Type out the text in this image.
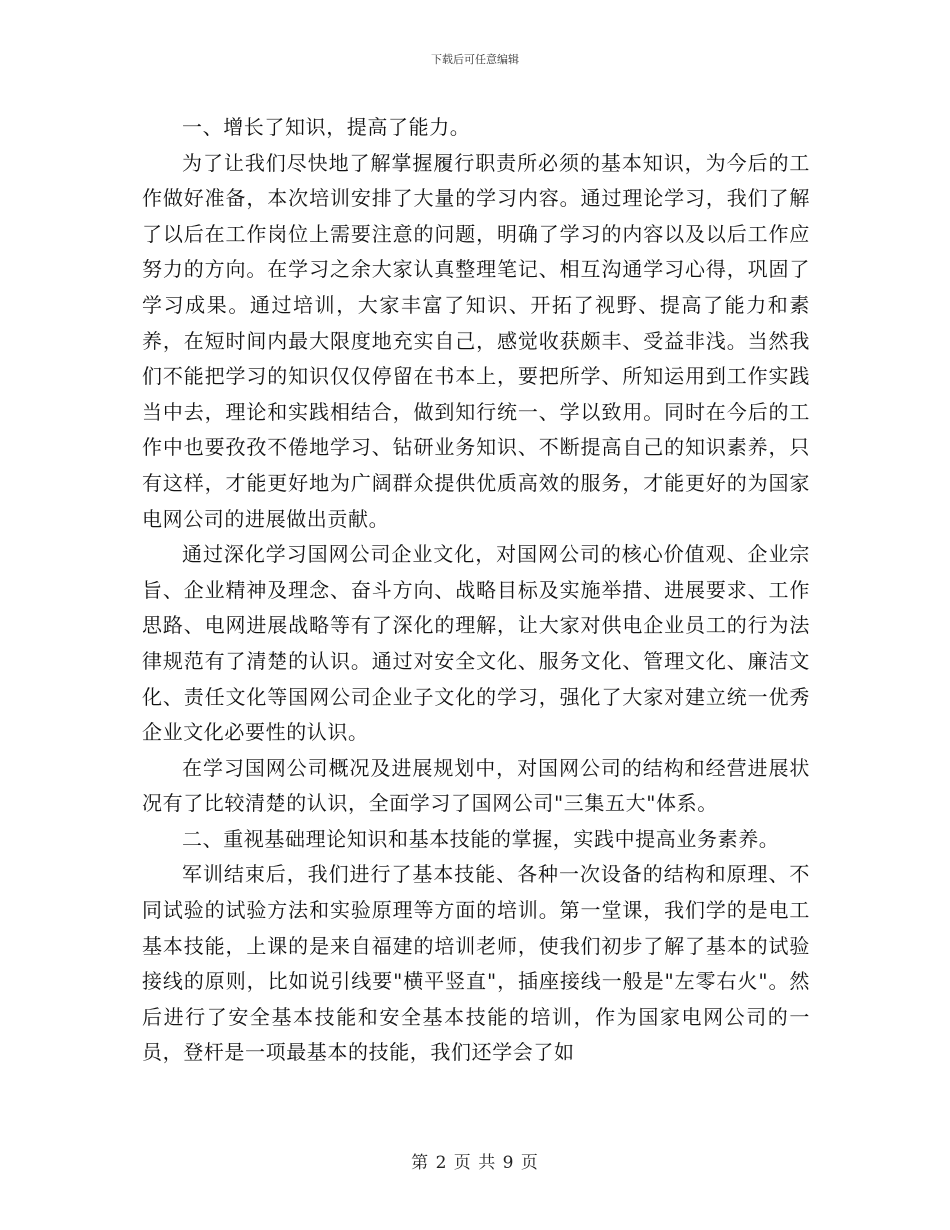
下载后可任意编辑

一、增长了知识，提高了能力。

为了让我们尽快地了解掌握履行职责所必须的基本知识，为今后的工作做好准备，本次培训安排了大量的学习内容。通过理论学习，我们了解了以后在工作岗位上需要注意的问题，明确了学习的内容以及以后工作应努力的方向。在学习之余大家认真整理笔记、相互沟通学习心得，巩固了学习成果。通过培训，大家丰富了知识、开拓了视野、提高了能力和素养，在短时间内最大限度地充实自己，感觉收获颇丰、受益非浅。当然我们不能把学习的知识仅仅停留在书本上，要把所学、所知运用到工作实践当中去，理论和实践相结合，做到知行统一、学以致用。同时在今后的工作中也要孜孜不倦地学习、钻研业务知识、不断提高自己的知识素养，只有这样，才能更好地为广阔群众提供优质高效的服务，才能更好的为国家电网公司的进展做出贡献。

通过深化学习国网公司企业文化，对国网公司的核心价值观、企业宗旨、企业精神及理念、奋斗方向、战略目标及实施举措、进展要求、工作思路、电网进展战略等有了深化的理解，让大家对供电企业员工的行为法律规范有了清楚的认识。通过对安全文化、服务文化、管理文化、廉洁文化、责任文化等国网公司企业子文化的学习，强化了大家对建立统一优秀企业文化必要性的认识。

在学习国网公司概况及进展规划中，对国网公司的结构和经营进展状况有了比较清楚的认识，全面学习了国网公司"三集五大"体系。

二、重视基础理论知识和基本技能的掌握，实践中提高业务素养。

军训结束后，我们进行了基本技能、各种一次设备的结构和原理、不同试验的试验方法和实验原理等方面的培训。第一堂课，我们学的是电工基本技能，上课的是来自福建的培训老师，使我们初步了解了基本的试验接线的原则，比如说引线要"横平竖直"，插座接线一般是"左零右火"。然后进行了安全基本技能和安全基本技能的培训，作为国家电网公司的一员，登杆是一项最基本的技能，我们还学会了如

第 2 页 共 9 页
